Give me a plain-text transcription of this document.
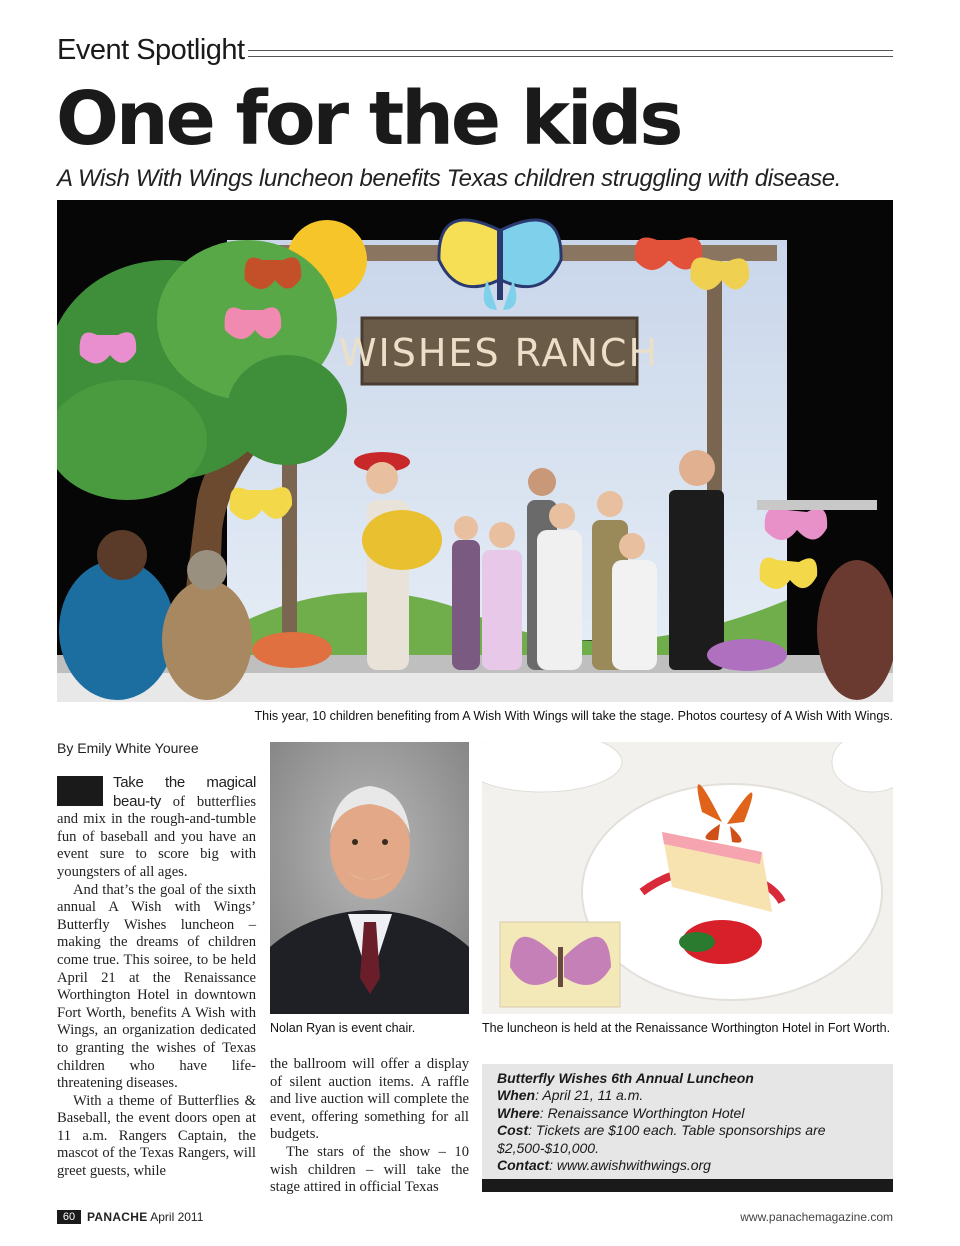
Event Spotlight
One for the kids
A Wish With Wings luncheon benefits Texas children struggling with disease.
WISHES RANCH
This year, 10 children benefiting from A Wish With Wings will take the stage. Photos courtesy of A Wish With Wings.
By Emily White Youree

Take the magical beau-ty of butterflies and mix in the rough-and-tumble fun of baseball and you have an event sure to score big with youngsters of all ages.

And that’s the goal of the sixth annual A Wish with Wings’ Butterfly Wishes luncheon – making the dreams of children come true. This soiree, to be held April 21 at the Renaissance Worthington Hotel in downtown Fort Worth, benefits A Wish with Wings, an organization dedicated to granting the wishes of Texas children who have life-threatening diseases.

With a theme of Butterflies & Baseball, the event doors open at 11 a.m. Rangers Captain, the mascot of the Texas Rangers, will greet guests, while

Nolan Ryan is event chair.

the ballroom will offer a display of silent auction items. A raffle and live auction will complete the event, offering something for all budgets.

The stars of the show – 10 wish children – will take the stage attired in official Texas

The luncheon is held at the Renaissance Worthington Hotel in Fort Worth.
Butterfly Wishes 6th Annual Luncheon
When: April 21, 11 a.m.
Where: Renaissance Worthington Hotel
Cost: Tickets are $100 each. Table sponsorships are $2,500-$10,000.
Contact: www.awishwithwings.org
60 PANACHE April 2011	www.panachemagazine.com
